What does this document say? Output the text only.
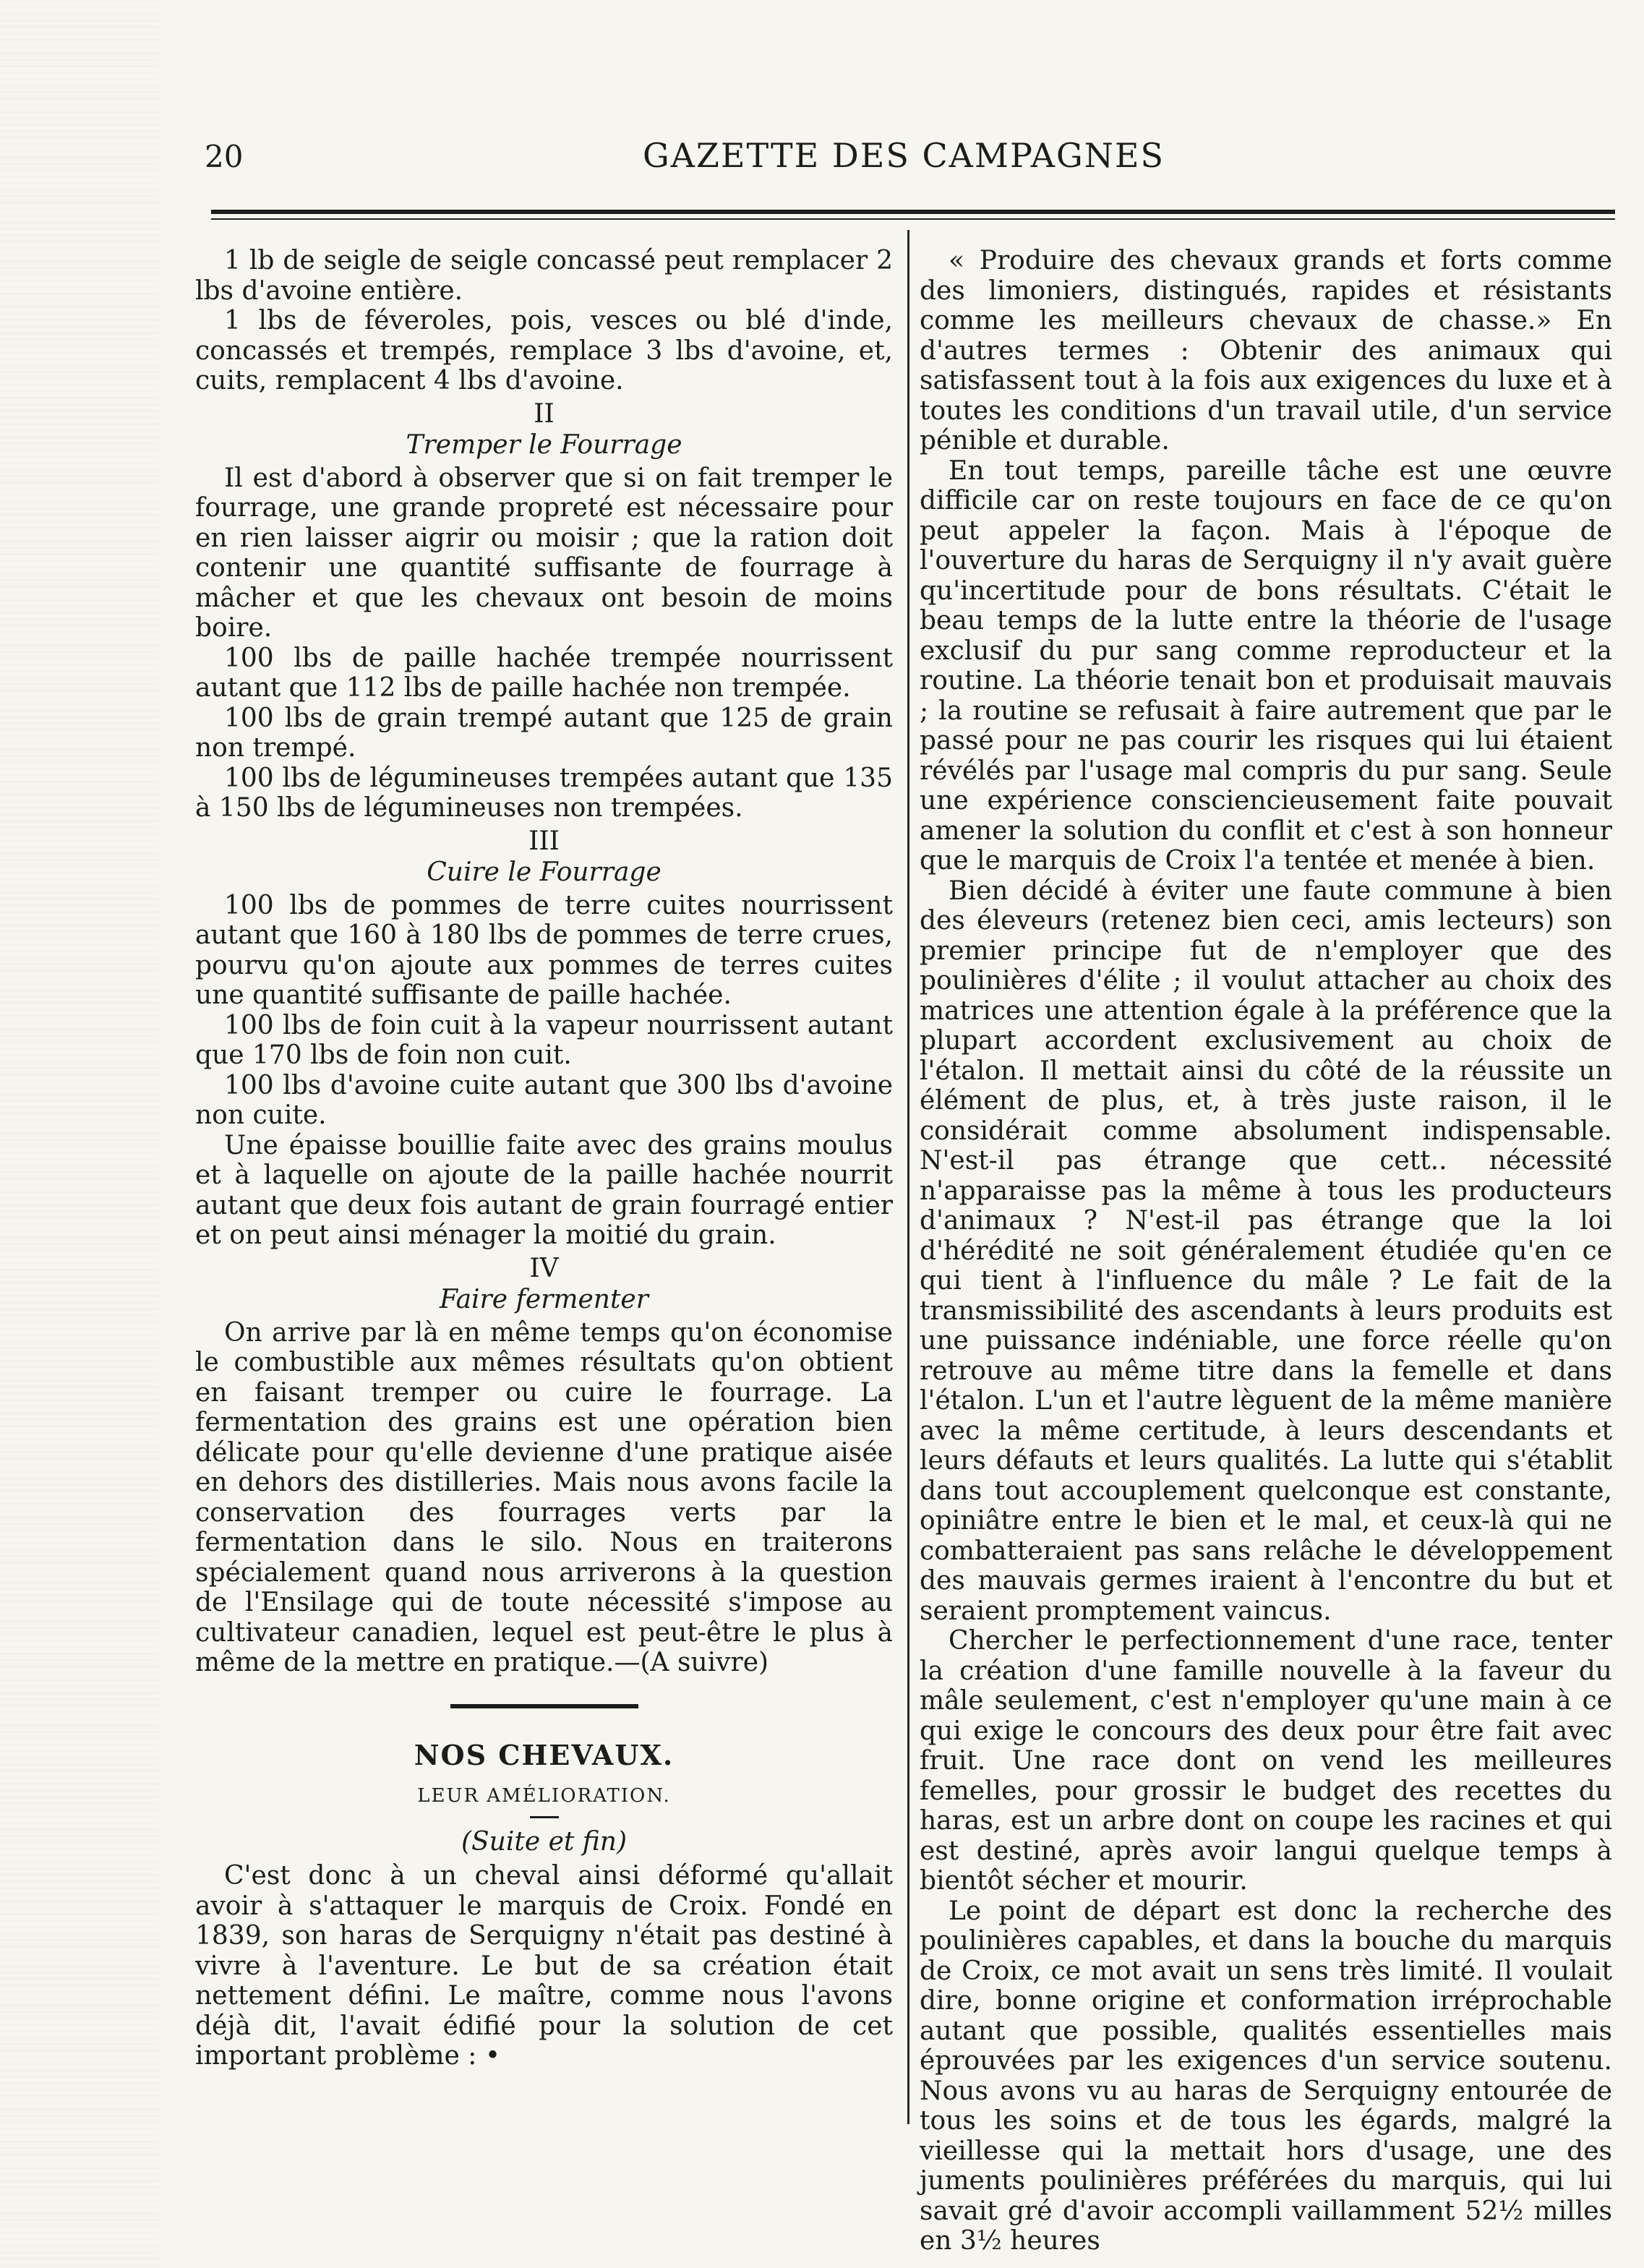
20	GAZETTE DES CAMPAGNES

1 lb de seigle de seigle concassé peut remplacer 2 lbs d'avoine entière.

1 lbs de féveroles, pois, vesces ou blé d'inde, concassés et trempés, remplace 3 lbs d'avoine, et, cuits, remplacent 4 lbs d'avoine.

II
Tremper le Fourrage

Il est d'abord à observer que si on fait tremper le fourrage, une grande propreté est nécessaire pour en rien laisser aigrir ou moisir ; que la ration doit contenir une quantité suffisante de fourrage à mâcher et que les chevaux ont besoin de moins boire.

100 lbs de paille hachée trempée nourrissent autant que 112 lbs de paille hachée non trempée.

100 lbs de grain trempé autant que 125 de grain non trempé.

100 lbs de légumineuses trempées autant que 135 à 150 lbs de légumineuses non trempées.

III
Cuire le Fourrage

100 lbs de pommes de terre cuites nourrissent autant que 160 à 180 lbs de pommes de terre crues, pourvu qu'on ajoute aux pommes de terres cuites une quantité suffisante de paille hachée.

100 lbs de foin cuit à la vapeur nourrissent autant que 170 lbs de foin non cuit.

100 lbs d'avoine cuite autant que 300 lbs d'avoine non cuite.

Une épaisse bouillie faite avec des grains moulus et à laquelle on ajoute de la paille hachée nourrit autant que deux fois autant de grain fourragé entier et on peut ainsi ménager la moitié du grain.

IV
Faire fermenter

On arrive par là en même temps qu'on économise le combustible aux mêmes résultats qu'on obtient en faisant tremper ou cuire le fourrage. La fermentation des grains est une opération bien délicate pour qu'elle devienne d'une pratique aisée en dehors des distilleries. Mais nous avons facile la conservation des fourrages verts par la fermentation dans le silo. Nous en traiterons spécialement quand nous arriverons à la question de l'Ensilage qui de toute nécessité s'impose au cultivateur canadien, lequel est peut-être le plus à même de la mettre en pratique.—(A suivre)

NOS CHEVAUX.
LEUR AMÉLIORATION.
(Suite et fin)

C'est donc à un cheval ainsi déformé qu'allait avoir à s'attaquer le marquis de Croix. Fondé en 1839, son haras de Serquigny n'était pas destiné à vivre à l'aventure. Le but de sa création était nettement défini. Le maître, comme nous l'avons déjà dit, l'avait édifié pour la solution de cet important problème : •

« Produire des chevaux grands et forts comme des limoniers, distingués, rapides et résistants comme les meilleurs chevaux de chasse.» En d'autres termes : Obtenir des animaux qui satisfassent tout à la fois aux exigences du luxe et à toutes les conditions d'un travail utile, d'un service pénible et durable.

En tout temps, pareille tâche est une œuvre difficile car on reste toujours en face de ce qu'on peut appeler la façon. Mais à l'époque de l'ouverture du haras de Serquigny il n'y avait guère qu'incertitude pour de bons résultats. C'était le beau temps de la lutte entre la théorie de l'usage exclusif du pur sang comme reproducteur et la routine. La théorie tenait bon et produisait mauvais ; la routine se refusait à faire autrement que par le passé pour ne pas courir les risques qui lui étaient révélés par l'usage mal compris du pur sang. Seule une expérience consciencieusement faite pouvait amener la solution du conflit et c'est à son honneur que le marquis de Croix l'a tentée et menée à bien.

Bien décidé à éviter une faute commune à bien des éleveurs (retenez bien ceci, amis lecteurs) son premier principe fut de n'employer que des poulinières d'élite ; il voulut attacher au choix des matrices une attention égale à la préférence que la plupart accordent exclusivement au choix de l'étalon. Il mettait ainsi du côté de la réussite un élément de plus, et, à très juste raison, il le considérait comme absolument indispensable. N'est-il pas étrange que cett.. nécessité n'apparaisse pas la même à tous les producteurs d'animaux ? N'est-il pas étrange que la loi d'hérédité ne soit généralement étudiée qu'en ce qui tient à l'influence du mâle ? Le fait de la transmissibilité des ascendants à leurs produits est une puissance indéniable, une force réelle qu'on retrouve au même titre dans la femelle et dans l'étalon. L'un et l'autre lèguent de la même manière avec la même certitude, à leurs descendants et leurs défauts et leurs qualités. La lutte qui s'établit dans tout accouplement quelconque est constante, opiniâtre entre le bien et le mal, et ceux-là qui ne combatteraient pas sans relâche le développement des mauvais germes iraient à l'encontre du but et seraient promptement vaincus.

Chercher le perfectionnement d'une race, tenter la création d'une famille nouvelle à la faveur du mâle seulement, c'est n'employer qu'une main à ce qui exige le concours des deux pour être fait avec fruit. Une race dont on vend les meilleures femelles, pour grossir le budget des recettes du haras, est un arbre dont on coupe les racines et qui est destiné, après avoir langui quelque temps à bientôt sécher et mourir.

Le point de départ est donc la recherche des poulinières capables, et dans la bouche du marquis de Croix, ce mot avait un sens très limité. Il voulait dire, bonne origine et conformation irréprochable autant que possible, qualités essentielles mais éprouvées par les exigences d'un service soutenu. Nous avons vu au haras de Serquigny entourée de tous les soins et de tous les égards, malgré la vieillesse qui la mettait hors d'usage, une des juments poulinières préférées du marquis, qui lui savait gré d'avoir accompli vaillamment 52½ milles en 3½ heures
